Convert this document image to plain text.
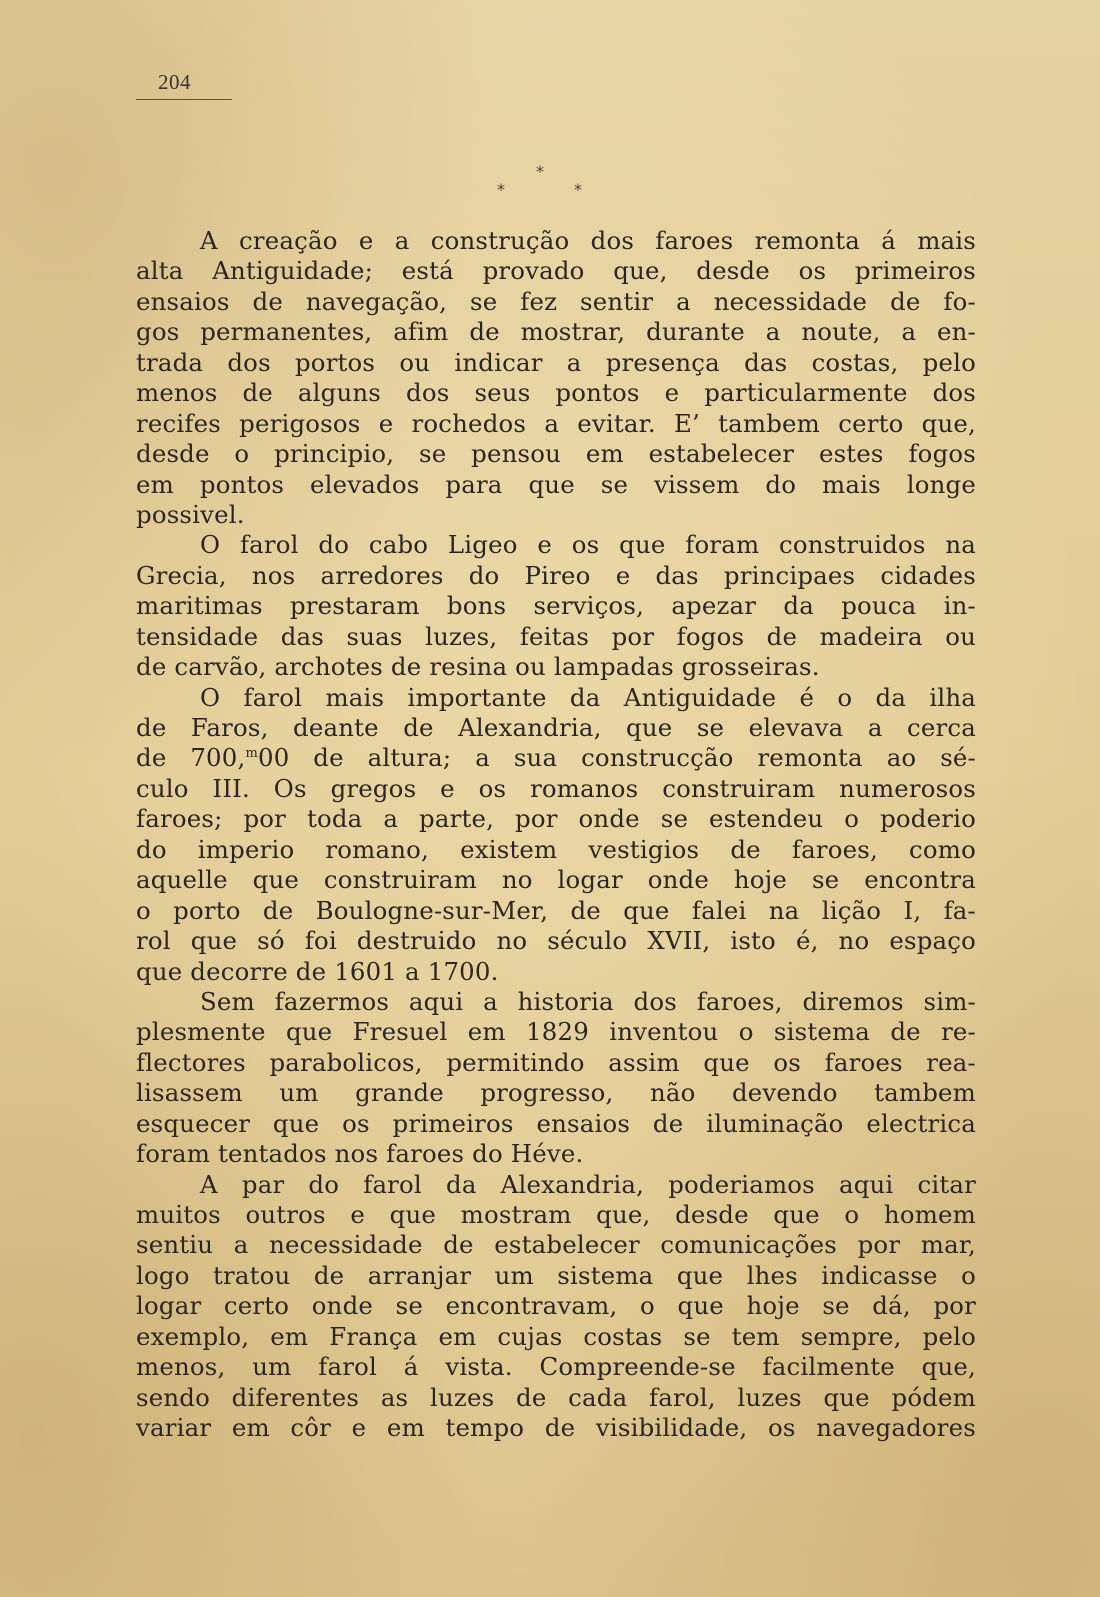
204
*
*	*
A creação e a construção dos faroes remonta á mais
alta Antiguidade; está provado que, desde os primeiros
ensaios de navegação, se fez sentir a necessidade de fo-
gos permanentes, afim de mostrar, durante a noute, a en-
trada dos portos ou indicar a presença das costas, pelo
menos de alguns dos seus pontos e particularmente dos
recifes perigosos e rochedos a evitar. E’ tambem certo que,
desde o principio, se pensou em estabelecer estes fogos
em pontos elevados para que se vissem do mais longe
possivel.
O farol do cabo Ligeo e os que foram construidos na
Grecia, nos arredores do Pireo e das principaes cidades
maritimas prestaram bons serviços, apezar da pouca in-
tensidade das suas luzes, feitas por fogos de madeira ou
de carvão, archotes de resina ou lampadas grosseiras.
O farol mais importante da Antiguidade é o da ilha
de Faros, deante de Alexandria, que se elevava a cerca
de 700,$^m$00 de altura; a sua construcção remonta ao sé-
culo III. Os gregos e os romanos construiram numerosos
faroes; por toda a parte, por onde se estendeu o poderio
do imperio romano, existem vestigios de faroes, como
aquelle que construiram no logar onde hoje se encontra
o porto de Boulogne-sur-Mer, de que falei na lição I, fa-
rol que só foi destruido no século XVII, isto é, no espaço
que decorre de 1601 a 1700.
Sem fazermos aqui a historia dos faroes, diremos sim-
plesmente que Fresuel em 1829 inventou o sistema de re-
flectores parabolicos, permitindo assim que os faroes rea-
lisassem um grande progresso, não devendo tambem
esquecer que os primeiros ensaios de iluminação electrica
foram tentados nos faroes do Héve.
A par do farol da Alexandria, poderiamos aqui citar
muitos outros e que mostram que, desde que o homem
sentiu a necessidade de estabelecer comunicações por mar,
logo tratou de arranjar um sistema que lhes indicasse o
logar certo onde se encontravam, o que hoje se dá, por
exemplo, em França em cujas costas se tem sempre, pelo
menos, um farol á vista. Compreende-se facilmente que,
sendo diferentes as luzes de cada farol, luzes que pódem
variar em côr e em tempo de visibilidade, os navegadores
